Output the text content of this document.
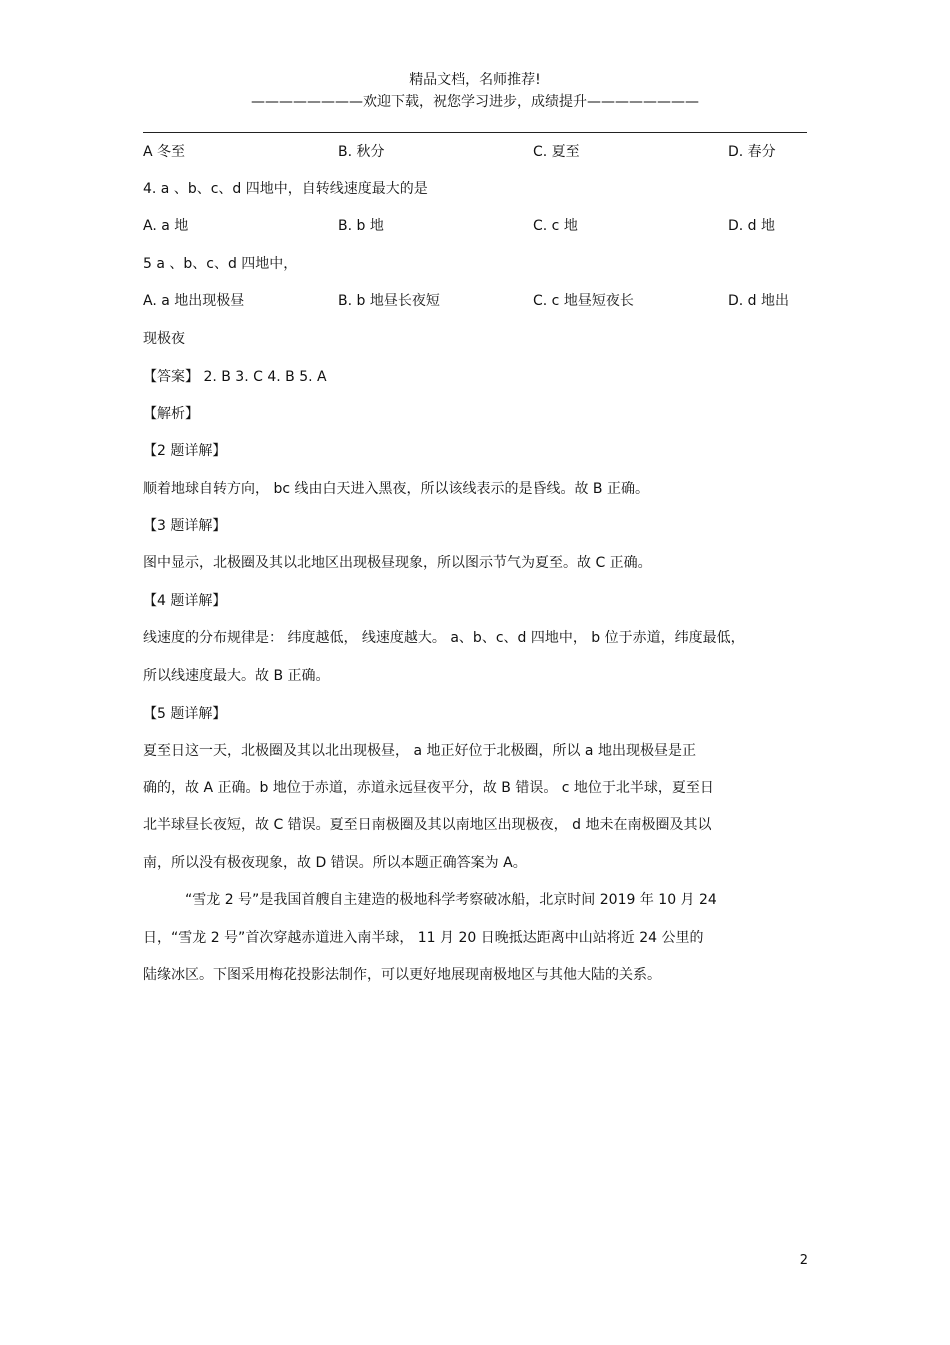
精品文档，名师推荐!
————————欢迎下载，祝您学习进步，成绩提升————————
A 冬至	B. 秋分	C. 夏至	D. 春分
4. a 、b、c、d 四地中，自转线速度最大的是
A. a 地	B. b 地	C. c 地	D. d 地
5 a 、b、c、d 四地中，
A. a 地出现极昼	B. b 地昼长夜短	C. c 地昼短夜长	D. d 地出
现极夜
【答案】 2. B 3. C 4. B 5. A
【解析】
【2 题详解】
顺着地球自转方向， bc 线由白天进入黑夜，所以该线表示的是昏线。故 B 正确。
【3 题详解】
图中显示，北极圈及其以北地区出现极昼现象，所以图示节气为夏至。故 C 正确。
【4 题详解】
线速度的分布规律是： 纬度越低， 线速度越大。 a、b、c、d 四地中， b 位于赤道，纬度最低，
所以线速度最大。故 B 正确。
【5 题详解】
夏至日这一天，北极圈及其以北出现极昼， a 地正好位于北极圈，所以 a 地出现极昼是正
确的，故 A 正确。b 地位于赤道，赤道永远昼夜平分，故 B 错误。 c 地位于北半球，夏至日
北半球昼长夜短，故 C 错误。夏至日南极圈及其以南地区出现极夜， d 地未在南极圈及其以
南，所以没有极夜现象，故 D 错误。所以本题正确答案为 A。
“雪龙 2 号”是我国首艘自主建造的极地科学考察破冰船，北京时间 2019 年 10 月 24
日，“雪龙 2 号”首次穿越赤道进入南半球， 11 月 20 日晚抵达距离中山站将近 24 公里的
陆缘冰区。下图采用梅花投影法制作，可以更好地展现南极地区与其他大陆的关系。
2
